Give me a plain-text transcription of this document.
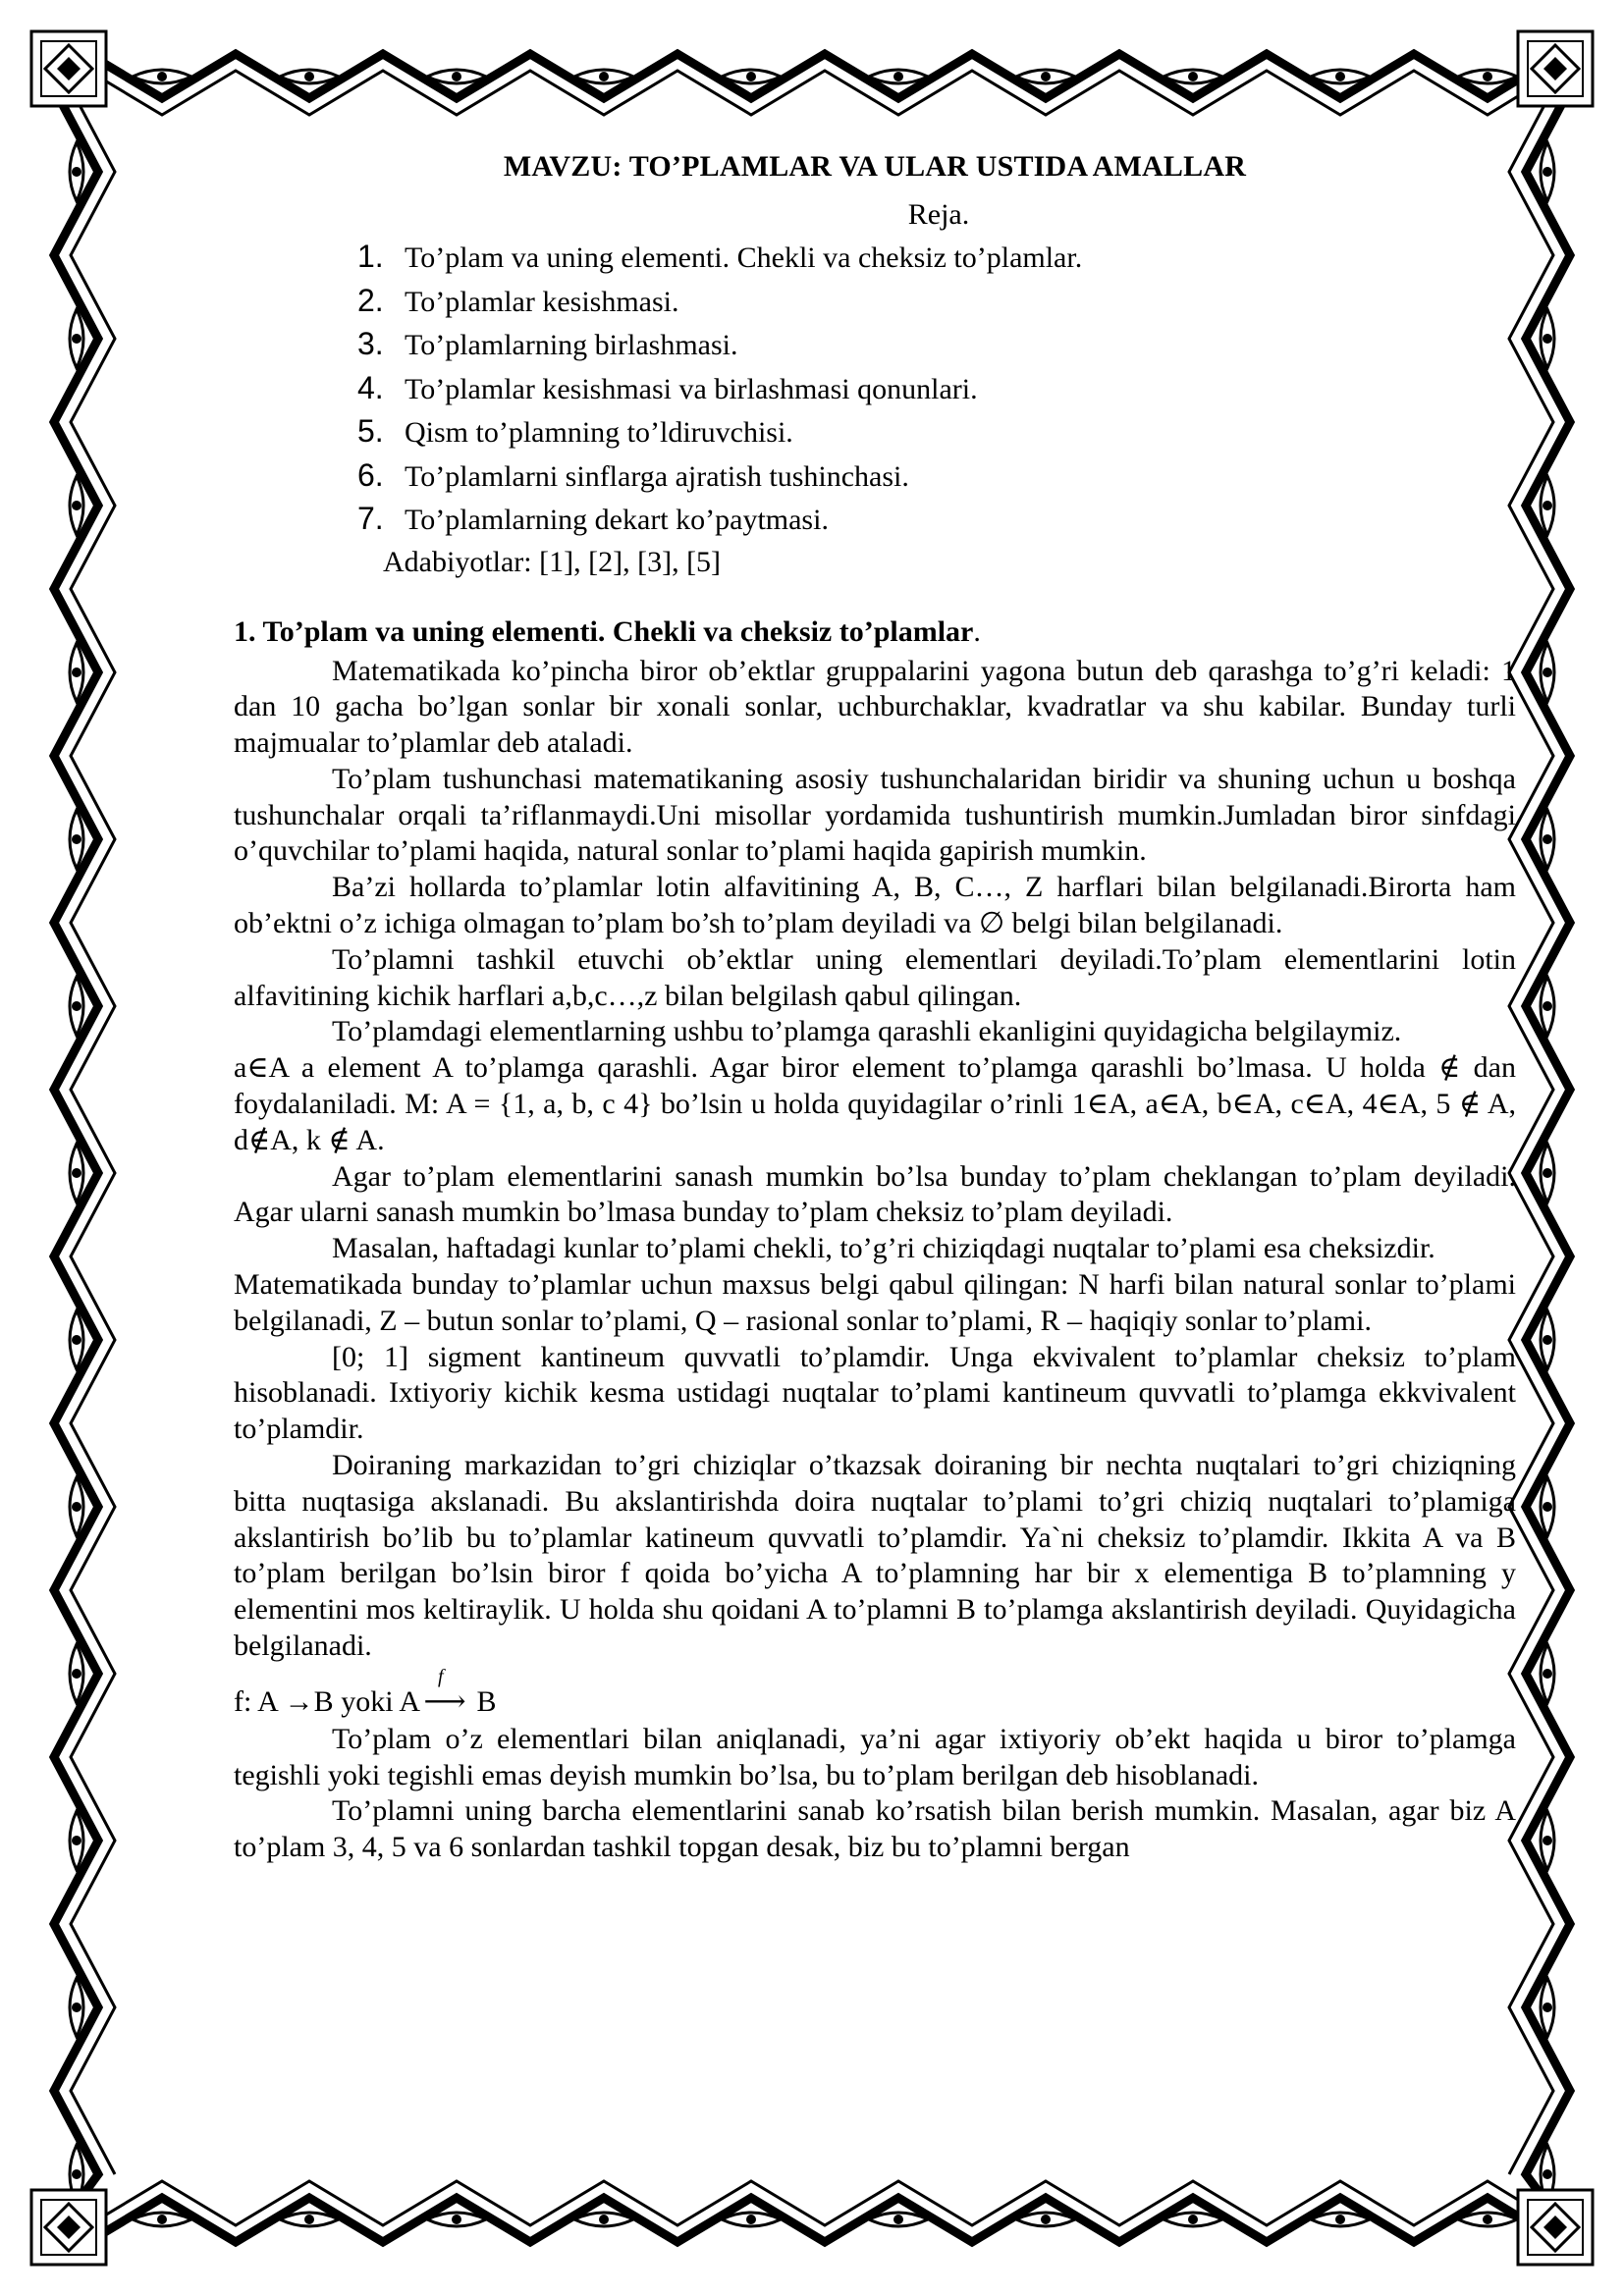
MAVZU: TO’PLAMLAR VA ULAR USTIDA AMALLAR
Reja.
1. To’plam va uning elementi. Chekli va cheksiz to’plamlar.
2. To’plamlar kesishmasi.
3. To’plamlarning birlashmasi.
4. To’plamlar kesishmasi va birlashmasi qonunlari.
5. Qism to’plamning to’ldiruvchisi.
6. To’plamlarni sinflarga ajratish tushinchasi.
7. To’plamlarning dekart ko’paytmasi.
Adabiyotlar: [1], [2], [3], [5]
1. To’plam va uning elementi. Chekli va cheksiz to’plamlar.

Matematikada ko’pincha biror ob’ektlar gruppalarini yagona butun deb qarashga to’g’ri keladi: 1 dan 10 gacha bo’lgan sonlar bir xonali sonlar, uchburchaklar, kvadratlar va shu kabilar. Bunday turli majmualar to’plamlar deb ataladi.

To’plam tushunchasi matematikaning asosiy tushunchalaridan biridir va shuning uchun u boshqa tushunchalar orqali ta’riflanmaydi.Uni misollar yordamida tushuntirish mumkin.Jumladan biror sinfdagi o’quvchilar to’plami haqida, natural sonlar to’plami haqida gapirish mumkin.

Ba’zi hollarda to’plamlar lotin alfavitining A, B, C…, Z harflari bilan belgilanadi.Birorta ham ob’ektni o’z ichiga olmagan to’plam bo’sh to’plam deyiladi va ∅ belgi bilan belgilanadi.

To’plamni tashkil etuvchi ob’ektlar uning elementlari deyiladi.To’plam elementlarini lotin alfavitining kichik harflari a,b,c…,z bilan belgilash qabul qilingan.

To’plamdagi elementlarning ushbu to’plamga qarashli ekanligini quyidagicha belgilaymiz.

a∈A a element A to’plamga qarashli. Agar biror element to’plamga qarashli bo’lmasa. U holda ∉ dan foydalaniladi. M: A = {1, a, b, c 4} bo’lsin u holda quyidagilar o’rinli 1∈A, a∈A, b∈A, c∈A, 4∈A, 5 ∉ A, d∉A, k ∉ A.

Agar to’plam elementlarini sanash mumkin bo’lsa bunday to’plam cheklangan to’plam deyiladi. Agar ularni sanash mumkin bo’lmasa bunday to’plam cheksiz to’plam deyiladi.

Masalan, haftadagi kunlar to’plami chekli, to’g’ri chiziqdagi nuqtalar to’plami esa cheksizdir.

Matematikada bunday to’plamlar uchun maxsus belgi qabul qilingan: N harfi bilan natural sonlar to’plami belgilanadi, Z – butun sonlar to’plami, Q – rasional sonlar to’plami, R – haqiqiy sonlar to’plami.

[0; 1] sigment kantineum quvvatli to’plamdir. Unga ekvivalent to’plamlar cheksiz to’plam hisoblanadi. Ixtiyoriy kichik kesma ustidagi nuqtalar to’plami kantineum quvvatli to’plamga ekkvivalent to’plamdir.

Doiraning markazidan to’gri chiziqlar o’tkazsak doiraning bir nechta nuqtalari to’gri chiziqning bitta nuqtasiga akslanadi. Bu akslantirishda doira nuqtalar to’plami to’gri chiziq nuqtalari to’plamiga akslantirish bo’lib bu to’plamlar katineum quvvatli to’plamdir. Ya`ni cheksiz to’plamdir. Ikkita A va B to’plam berilgan bo’lsin biror f qoida bo’yicha A to’plamning har bir x elementiga B to’plamning y elementini mos keltiraylik. U holda shu qoidani A to’plamni B to’plamga akslantirish deyiladi. Quyidagicha belgilanadi.

f: A →B yoki A
f
⟶ B

To’plam o’z elementlari bilan aniqlanadi, ya’ni agar ixtiyoriy ob’ekt haqida u biror to’plamga tegishli yoki tegishli emas deyish mumkin bo’lsa, bu to’plam berilgan deb hisoblanadi.

To’plamni uning barcha elementlarini sanab ko’rsatish bilan berish mumkin. Masalan, agar biz A to’plam 3, 4, 5 va 6 sonlardan tashkil topgan desak, biz bu to’plamni bergan
